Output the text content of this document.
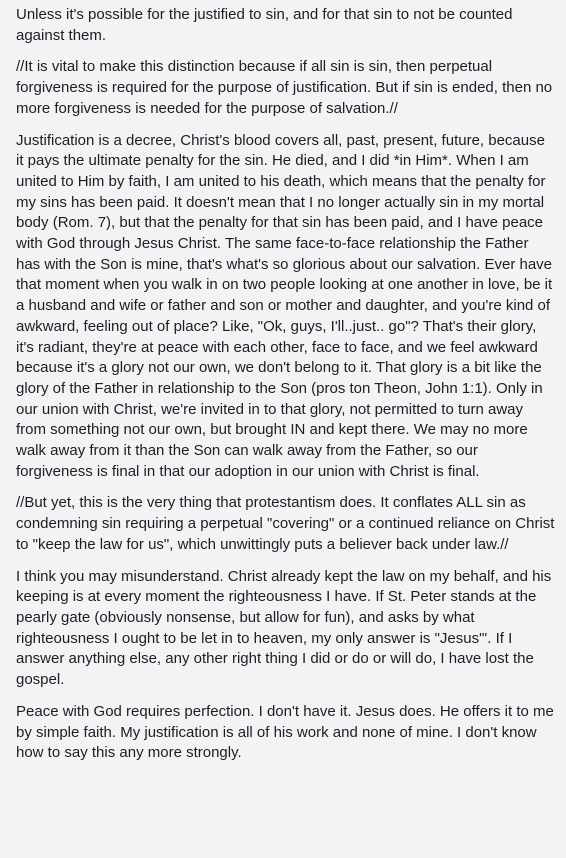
Unless it's possible for the justified to sin, and for that sin to not be counted against them.

//It is vital to make this distinction because if all sin is sin, then perpetual forgiveness is required for the purpose of justification. But if sin is ended, then no more forgiveness is needed for the purpose of salvation.//

Justification is a decree, Christ's blood covers all, past, present, future, because it pays the ultimate penalty for the sin. He died, and I did *in Him*. When I am united to Him by faith, I am united to his death, which means that the penalty for my sins has been paid. It doesn't mean that I no longer actually sin in my mortal body (Rom. 7), but that the penalty for that sin has been paid, and I have peace with God through Jesus Christ. The same face-to-face relationship the Father has with the Son is mine, that's what's so glorious about our salvation. Ever have that moment when you walk in on two people looking at one another in love, be it a husband and wife or father and son or mother and daughter, and you're kind of awkward, feeling out of place? Like, "Ok, guys, I'll..just.. go"? That's their glory, it's radiant, they're at peace with each other, face to face, and we feel awkward because it's a glory not our own, we don't belong to it. That glory is a bit like the glory of the Father in relationship to the Son (pros ton Theon, John 1:1). Only in our union with Christ, we're invited in to that glory, not permitted to turn away from something not our own, but brought IN and kept there. We may no more walk away from it than the Son can walk away from the Father, so our forgiveness is final in that our adoption in our union with Christ is final.

//But yet, this is the very thing that protestantism does. It conflates ALL sin as condemning sin requiring a perpetual "covering" or a continued reliance on Christ to "keep the law for us", which unwittingly puts a believer back under law.//

I think you may misunderstand. Christ already kept the law on my behalf, and his keeping is at every moment the righteousness I have. If St. Peter stands at the pearly gate (obviously nonsense, but allow for fun), and asks by what righteousness I ought to be let in to heaven, my only answer is "Jesus"'. If I answer anything else, any other right thing I did or do or will do, I have lost the gospel.

Peace with God requires perfection. I don't have it. Jesus does. He offers it to me by simple faith. My justification is all of his work and none of mine. I don't know how to say this any more strongly.
